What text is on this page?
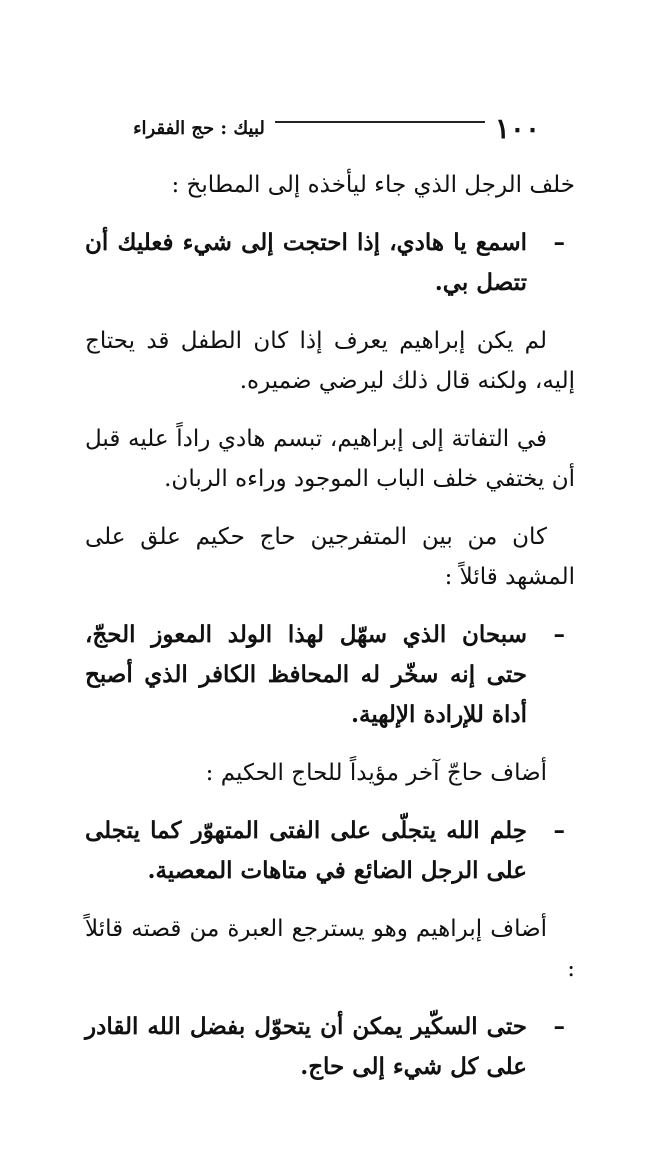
١٠٠
لبيك : حج الفقراء

خلف الرجل الذي جاء ليأخذه إلى المطابخ :

–
اسمع يا هادي، إذا احتجت إلى شيء فعليك أن تتصل بي.

لم يكن إبراهيم يعرف إذا كان الطفل قد يحتاج إليه، ولكنه قال ذلك ليرضي ضميره.

في التفاتة إلى إبراهيم، تبسم هادي راداً عليه قبل أن يختفي خلف الباب الموجود وراءه الربان.

كان من بين المتفرجين حاج حكيم علق على المشهد قائلاً :

–
سبحان الذي سهّل لهذا الولد المعوز الحجّ، حتى إنه سخّر له المحافظ الكافر الذي أصبح أداة للإرادة الإلهية.

أضاف حاجّ آخر مؤيداً للحاج الحكيم :

–
حِلم الله يتجلّى على الفتى المتهوّر كما يتجلى على الرجل الضائع في متاهات المعصية.

أضاف إبراهيم وهو يسترجع العبرة من قصته قائلاً :

–
حتى السكّير يمكن أن يتحوّل بفضل الله القادر على كل شيء إلى حاج.
